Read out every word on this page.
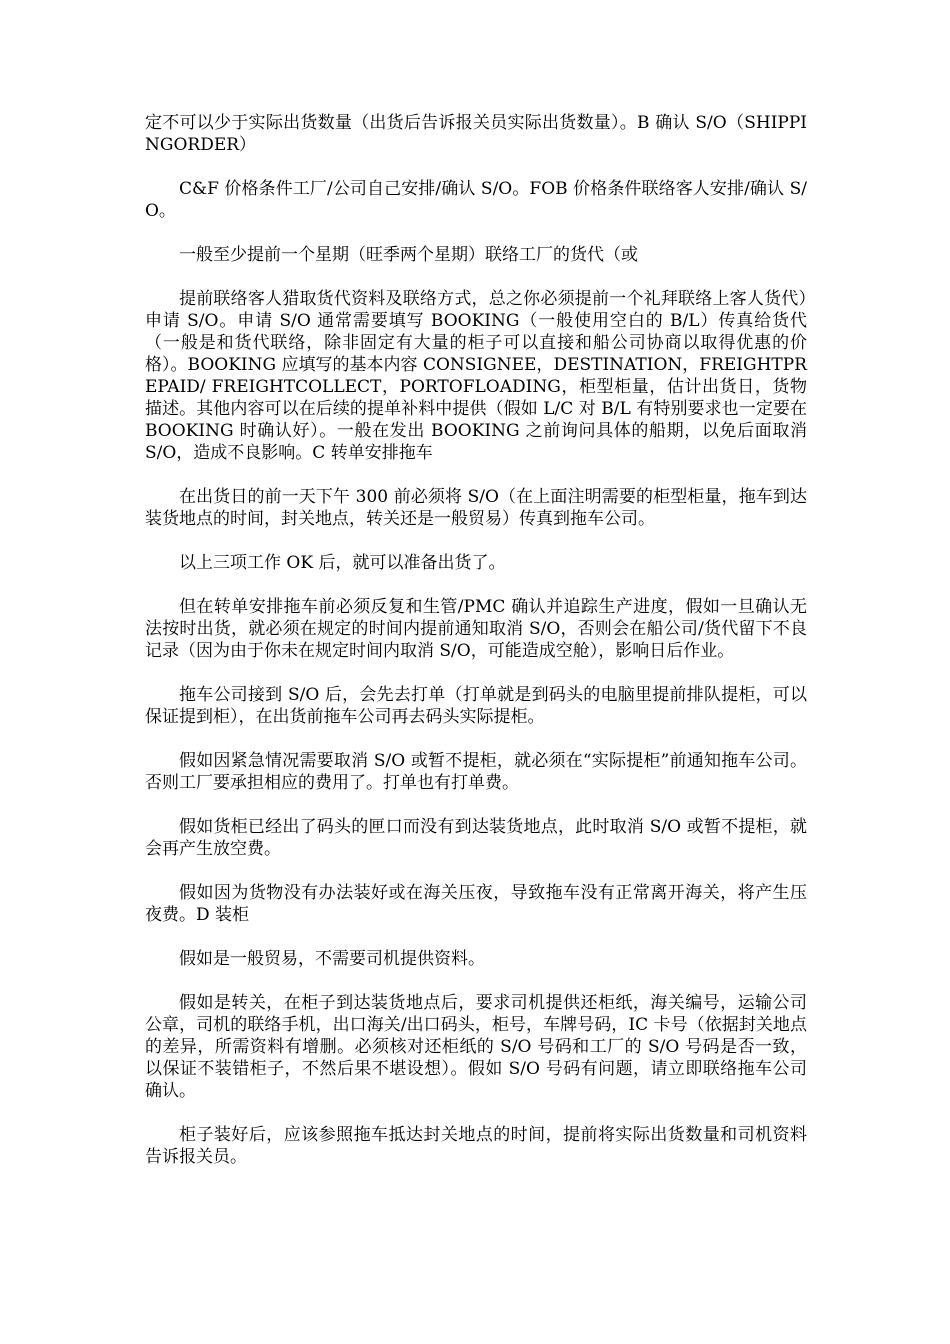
定不可以少于实际出货数量（出货后告诉报关员实际出货数量）。B 确认 S/O（SHIPPINGORDER）

C&F 价格条件工厂/公司自己安排/确认 S/O。FOB 价格条件联络客人安排/确认 S/O。

一般至少提前一个星期（旺季两个星期）联络工厂的货代（或

提前联络客人猎取货代资料及联络方式，总之你必须提前一个礼拜联络上客人货代）申请 S/O。申请 S/O 通常需要填写 BOOKING（一般使用空白的 B/L）传真给货代（一般是和货代联络，除非固定有大量的柜子可以直接和船公司协商以取得优惠的价格）。BOOKING 应填写的基本内容 CONSIGNEE，DESTINATION，FREIGHTPREPAID/ FREIGHTCOLLECT，PORTOFLOADING，柜型柜量，估计出货日，货物描述。其他内容可以在后续的提单补料中提供（假如 L/C 对 B/L 有特别要求也一定要在 BOOKING 时确认好）。一般在发出 BOOKING 之前询问具体的船期，以免后面取消 S/O，造成不良影响。C 转单安排拖车

在出货日的前一天下午 300 前必须将 S/O（在上面注明需要的柜型柜量，拖车到达装货地点的时间，封关地点，转关还是一般贸易）传真到拖车公司。

以上三项工作 OK 后，就可以准备出货了。

但在转单安排拖车前必须反复和生管/PMC 确认并追踪生产进度，假如一旦确认无法按时出货，就必须在规定的时间内提前通知取消 S/O，否则会在船公司/货代留下不良记录（因为由于你未在规定时间内取消 S/O，可能造成空舱），影响日后作业。

拖车公司接到 S/O 后，会先去打单（打单就是到码头的电脑里提前排队提柜，可以保证提到柜），在出货前拖车公司再去码头实际提柜。

假如因紧急情况需要取消 S/O 或暂不提柜，就必须在“实际提柜”前通知拖车公司。否则工厂要承担相应的费用了。打单也有打单费。

假如货柜已经出了码头的匣口而没有到达装货地点，此时取消 S/O 或暂不提柜，就会再产生放空费。

假如因为货物没有办法装好或在海关压夜，导致拖车没有正常离开海关，将产生压夜费。D 装柜

假如是一般贸易，不需要司机提供资料。

假如是转关，在柜子到达装货地点后，要求司机提供还柜纸，海关编号，运输公司公章，司机的联络手机，出口海关/出口码头，柜号，车牌号码，IC 卡号（依据封关地点的差异，所需资料有增删。必须核对还柜纸的 S/O 号码和工厂的 S/O 号码是否一致，以保证不装错柜子，不然后果不堪设想）。假如 S/O 号码有问题，请立即联络拖车公司确认。

柜子装好后，应该参照拖车抵达封关地点的时间，提前将实际出货数量和司机资料告诉报关员。
